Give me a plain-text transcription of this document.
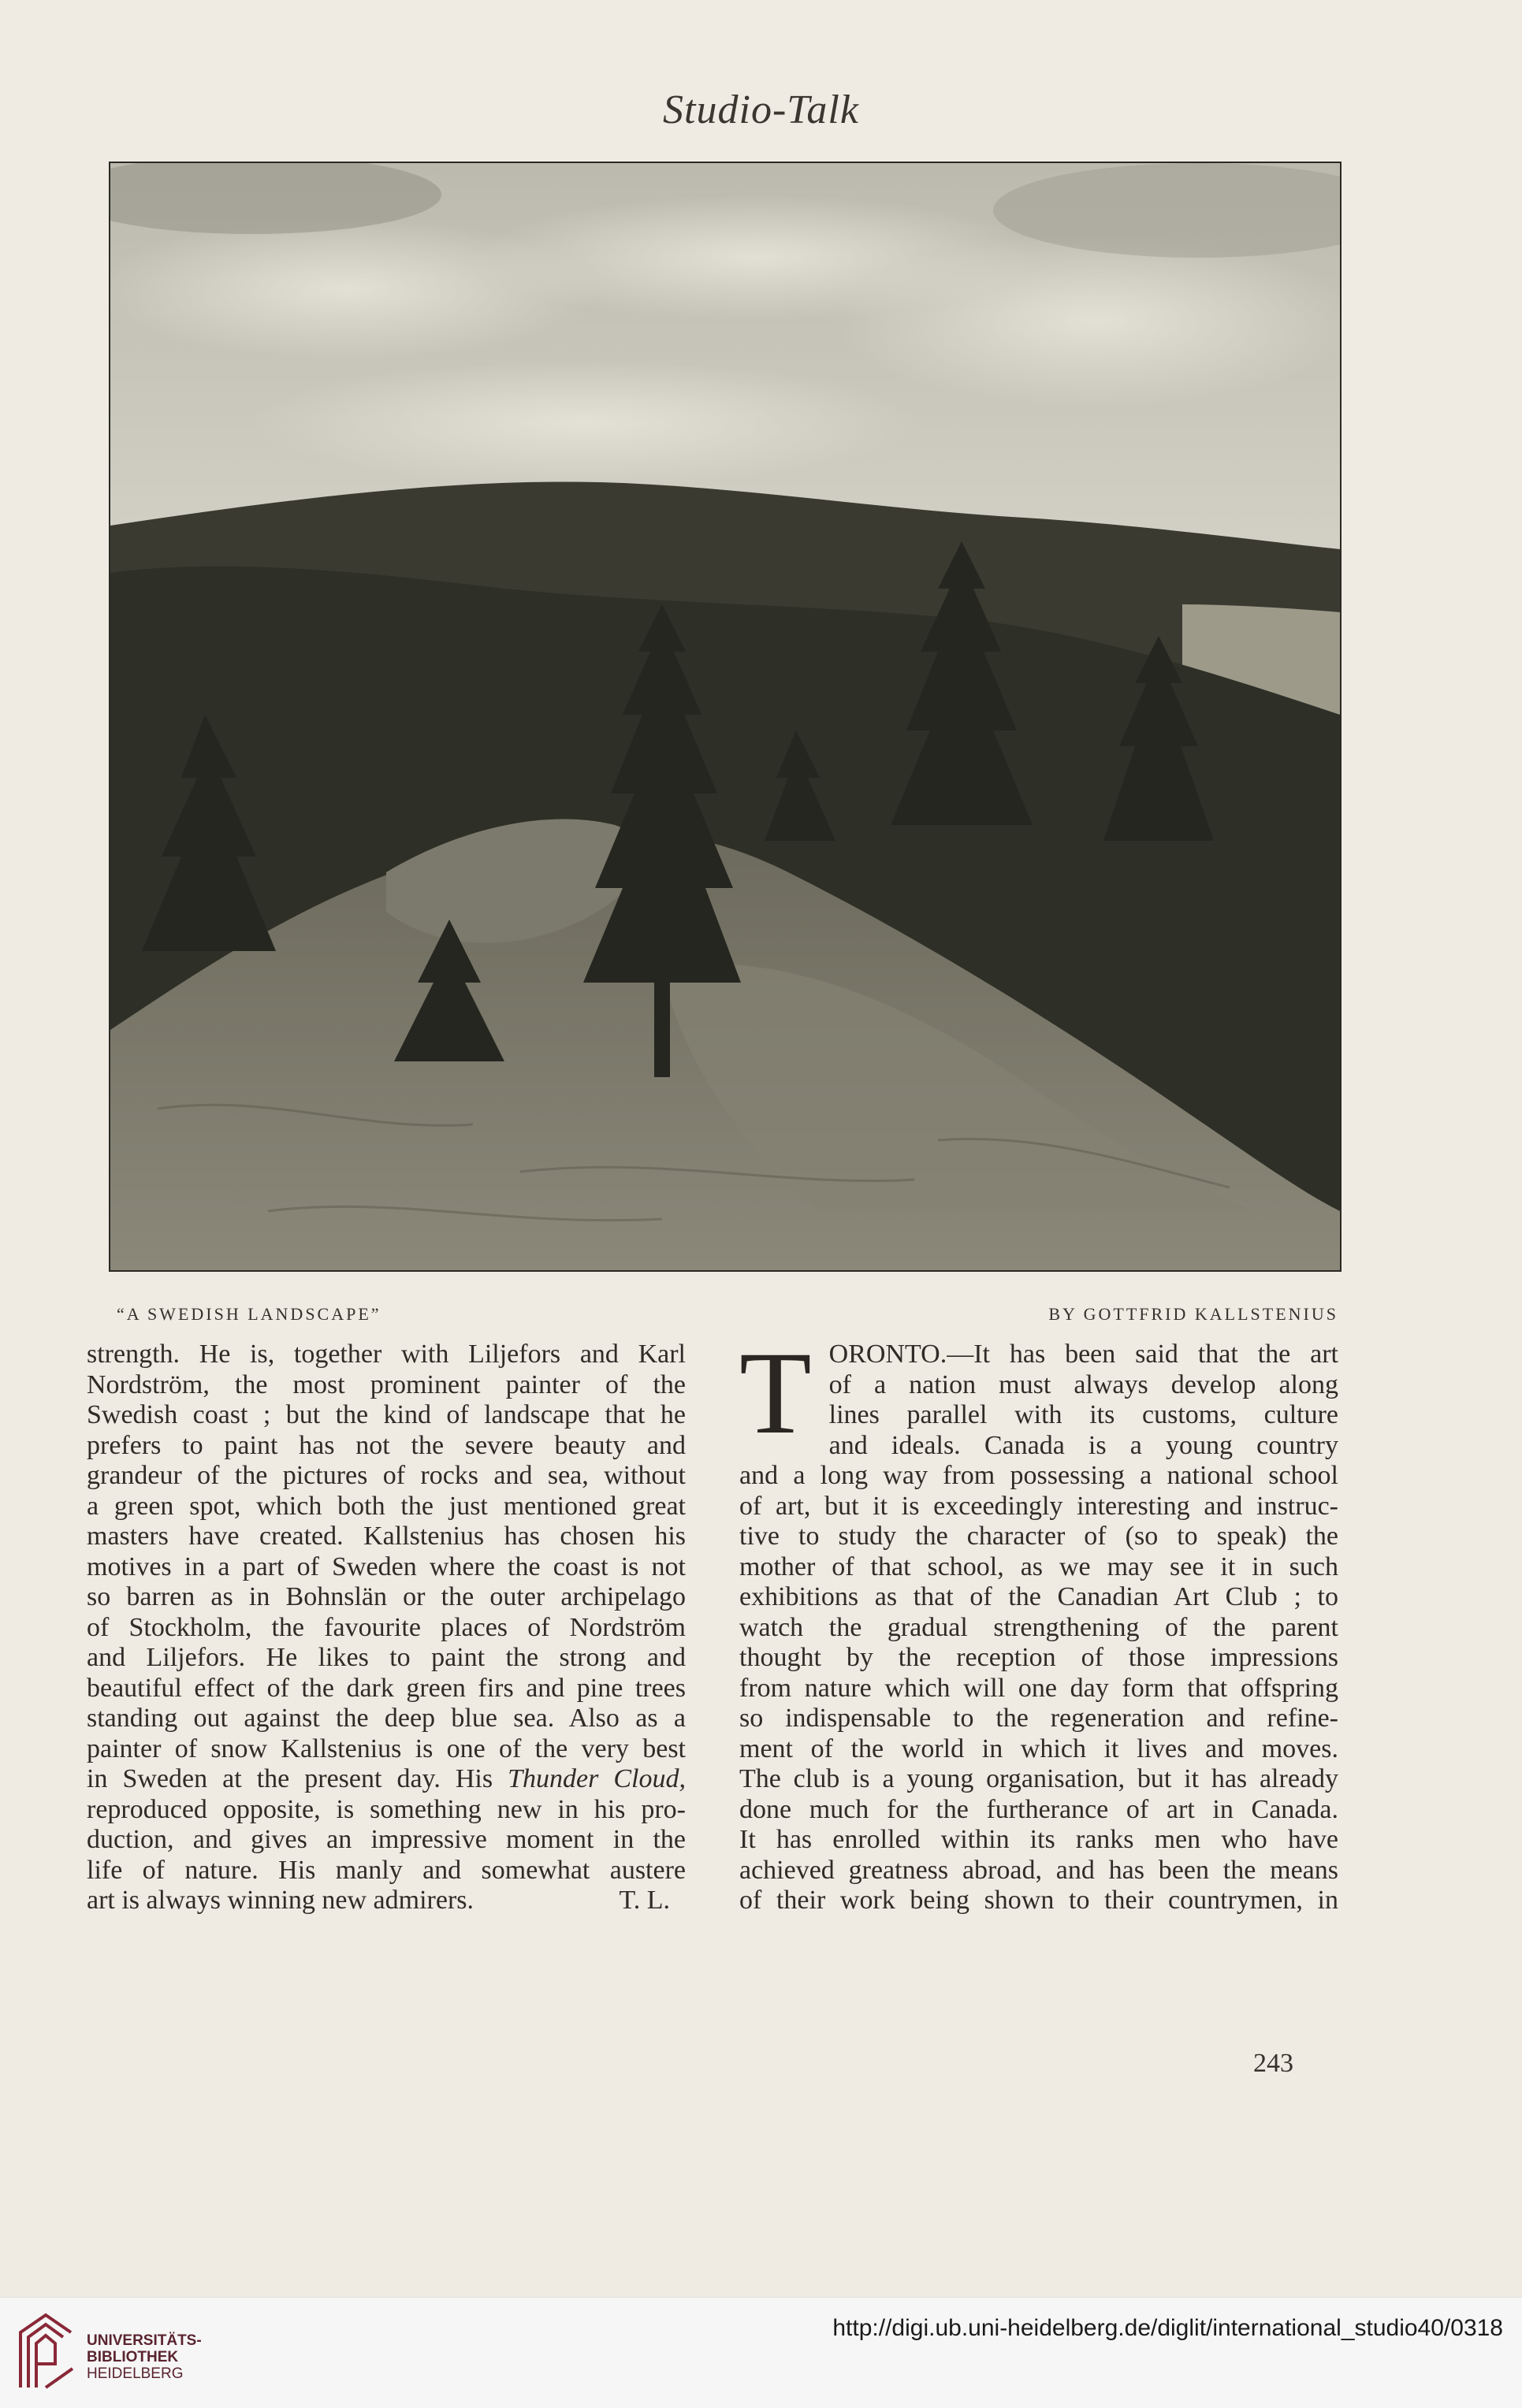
Studio-Talk
“A SWEDISH LANDSCAPE”	BY GOTTFRID KALLSTENIUS
strength. He is, together with Liljefors and Karl
Nordström, the most prominent painter of the
Swedish coast ; but the kind of landscape that he
prefers to paint has not the severe beauty and
grandeur of the pictures of rocks and sea, without
a green spot, which both the just mentioned great
masters have created. Kallstenius has chosen his
motives in a part of Sweden where the coast is not
so barren as in Bohnslän or the outer archipelago
of Stockholm, the favourite places of Nordström
and Liljefors. He likes to paint the strong and
beautiful effect of the dark green firs and pine trees
standing out against the deep blue sea. Also as a
painter of snow Kallstenius is one of the very best
in Sweden at the present day. His Thunder Cloud,
reproduced opposite, is something new in his pro-
duction, and gives an impressive moment in the
life of nature. His manly and somewhat austere
art is always winning new admirers.	T. L.
T ORONTO.—It has been said that the art
of a nation must always develop along
lines parallel with its customs, culture
and ideals. Canada is a young country
and a long way from possessing a national school
of art, but it is exceedingly interesting and instruc-
tive to study the character of (so to speak) the
mother of that school, as we may see it in such
exhibitions as that of the Canadian Art Club ; to
watch the gradual strengthening of the parent
thought by the reception of those impressions
from nature which will one day form that offspring
so indispensable to the regeneration and refine-
ment of the world in which it lives and moves.
The club is a young organisation, but it has already
done much for the furtherance of art in Canada.
It has enrolled within its ranks men who have
achieved greatness abroad, and has been the means
of their work being shown to their countrymen, in
243
UNIVERSITÄTS-
BIBLIOTHEK
HEIDELBERG
http://digi.ub.uni-heidelberg.de/diglit/international_studio40/0318
